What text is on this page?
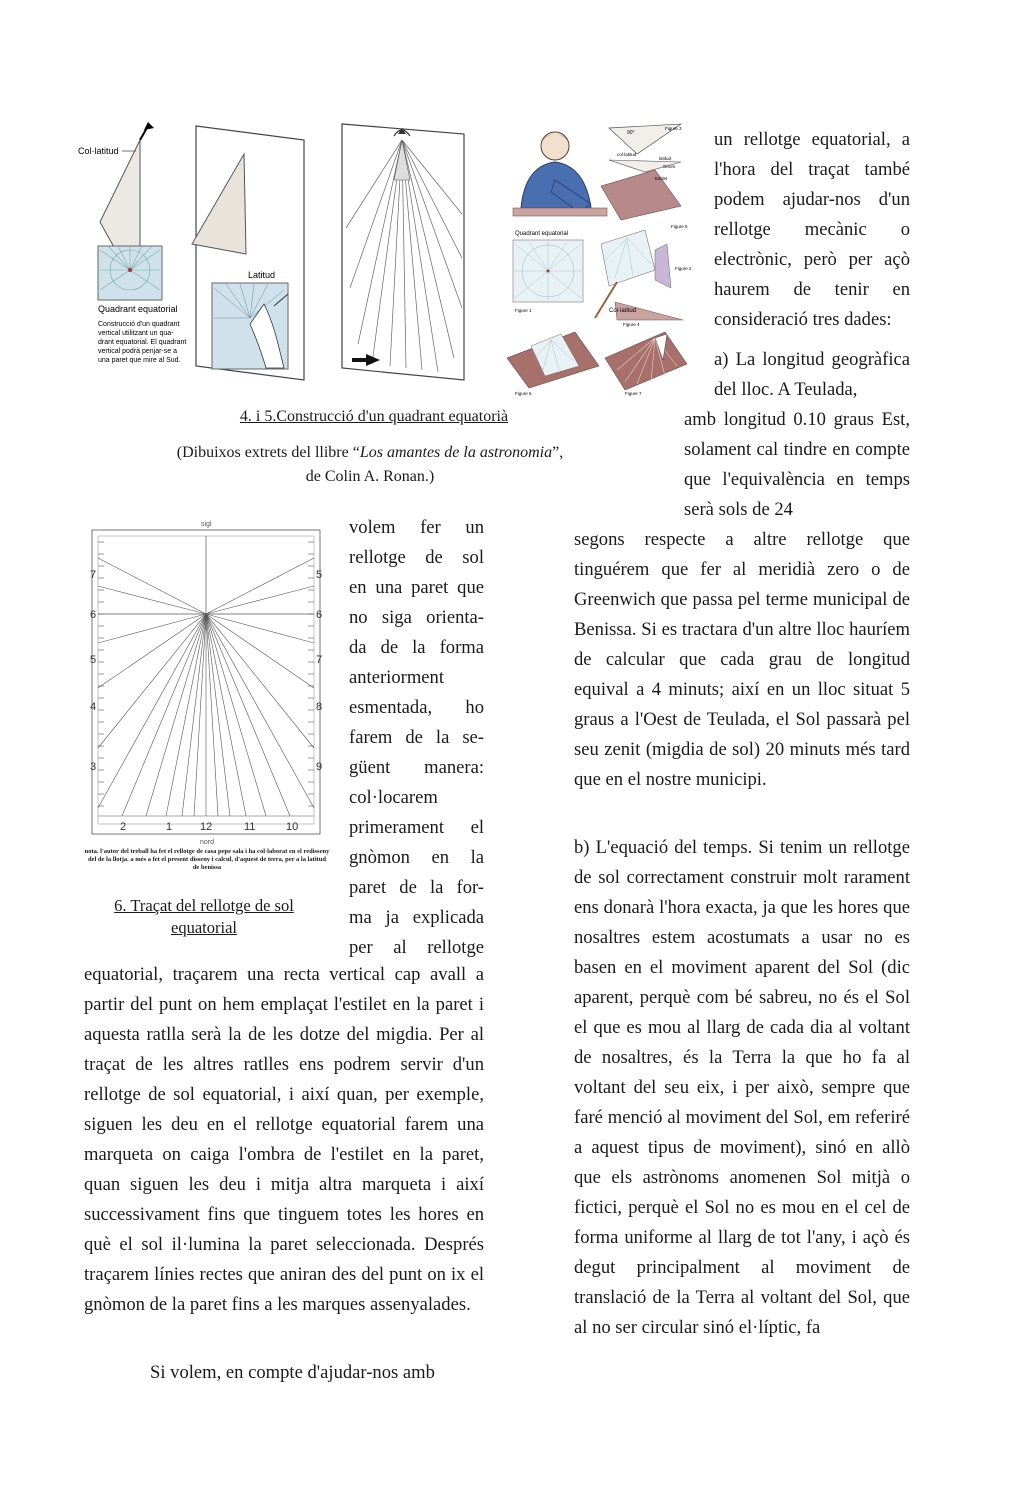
Col·latitud
Quadrant equatorial
Construcció d'un quadrant
vertical utilitzant un qua-
drant equatorial. El quadrant
vertical podrà penjar-se a
una paret que mire al Sud.
Latitud
90°
Figure 3
col·latitud
latitud
Gnom
Estilet
Figure 5
Quadrant equatorial
Figure 1
Figure 2
Col·latitud
Figure 4
Figure 6	Figure 7
4. i 5.Construcció d'un quadrant equatorià
(Dibuixos extrets del llibre “Los amantes de la astronomia”,
de Colin A. Ronan.)
sigl
7
6
5
4
3
5
6
7
8
9
2	1	12	11	10
nord
nota. l'autor del treball ha fet el rellotge de casa pepe sala i ha col·laborat en el redisseny del de la llotja. a més a fet el present disseny i calcul, d'aquest de terra, per a la latitud de benissa
6. Traçat del rellotge de sol
equatorial
volem fer un
rellotge de sol
en una paret que
no siga orienta-
da de la forma
anteriorment
esmentada, ho
farem de la se-
güent manera:
col·locarem
primerament el
gnòmon en la
paret de la for-
ma ja explicada
per al rellotge

equatorial, traçarem una recta vertical cap avall a partir del punt on hem emplaçat l'estilet en la paret i aquesta ratlla serà la de les dotze del migdia. Per al traçat de les altres ratlles ens podrem servir d'un rellotge de sol equatorial, i així quan, per exemple, siguen les deu en el rellotge equatorial farem una marqueta on caiga l'ombra de l'estilet en la paret, quan siguen les deu i mitja altra marqueta i així successivament fins que tinguem totes les hores en què el sol il·lumina la paret seleccionada. Després traçarem línies rectes que aniran des del punt on ix el gnòmon de la paret fins a les marques assenyalades.

Si volem, en compte d'ajudar-nos amb

un rellotge equatorial, a l'hora del traçat també podem ajudar-nos d'un rellotge mecànic o electrònic, però per açò haurem de tenir en consideració tres dades:

a) La longitud geogràfica del lloc. A Teulada,

amb longitud 0.10 graus Est, solament cal tindre en compte que l'equivalència en temps serà sols de 24

segons respecte a altre rellotge que tinguérem que fer al meridià zero o de Greenwich que passa pel terme municipal de Benissa. Si es tractara d'un altre lloc hauríem de calcular que cada grau de longitud equival a 4 minuts; així en un lloc situat 5 graus a l'Oest de Teulada, el Sol passarà pel seu zenit (migdia de sol) 20 minuts més tard que en el nostre municipi.

b) L'equació del temps. Si tenim un rellotge de sol correctament construir molt rarament ens donarà l'hora exacta, ja que les hores que nosaltres estem acostumats a usar no es basen en el moviment aparent del Sol (dic aparent, perquè com bé sabreu, no és el Sol el que es mou al llarg de cada dia al voltant de nosaltres, és la Terra la que ho fa al voltant del seu eix, i per això, sempre que faré menció al moviment del Sol, em referiré a aquest tipus de moviment), sinó en allò que els astrònoms anomenen Sol mitjà o fictici, perquè el Sol no es mou en el cel de forma uniforme al llarg de tot l'any, i açò és degut principalment al moviment de translació de la Terra al voltant del Sol, que al no ser circular sinó el·líptic, fa
